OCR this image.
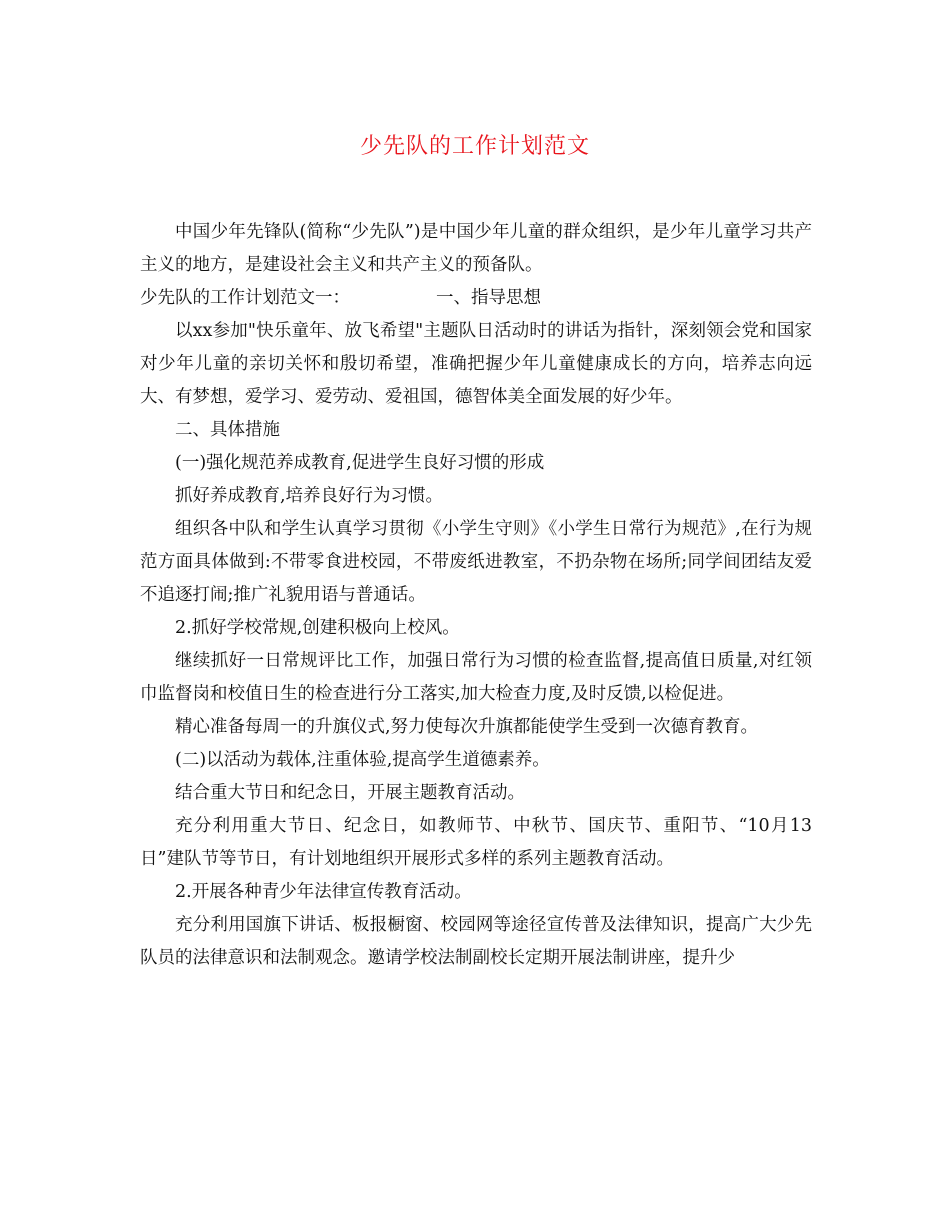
少先队的工作计划范文

中国少年先锋队(简称“少先队”)是中国少年儿童的群众组织，是少年儿童学习共产主义的地方，是建设社会主义和共产主义的预备队。

少先队的工作计划范文一：	一、指导思想

以xx参加"快乐童年、放飞希望"主题队日活动时的讲话为指针，深刻领会党和国家对少年儿童的亲切关怀和殷切希望，准确把握少年儿童健康成长的方向，培养志向远大、有梦想，爱学习、爱劳动、爱祖国，德智体美全面发展的好少年。

二、具体措施

(一)强化规范养成教育,促进学生良好习惯的形成

抓好养成教育,培养良好行为习惯。

组织各中队和学生认真学习贯彻《小学生守则》《小学生日常行为规范》,在行为规范方面具体做到:不带零食进校园，不带废纸进教室，不扔杂物在场所;同学间团结友爱不追逐打闹;推广礼貌用语与普通话。

2.抓好学校常规,创建积极向上校风。

继续抓好一日常规评比工作，加强日常行为习惯的检查监督,提高值日质量,对红领巾监督岗和校值日生的检查进行分工落实,加大检查力度,及时反馈,以检促进。

精心准备每周一的升旗仪式,努力使每次升旗都能使学生受到一次德育教育。

(二)以活动为载体,注重体验,提高学生道德素养。

结合重大节日和纪念日，开展主题教育活动。

充分利用重大节日、纪念日，如教师节、中秋节、国庆节、重阳节、“10月13日”建队节等节日，有计划地组织开展形式多样的系列主题教育活动。

2.开展各种青少年法律宣传教育活动。

充分利用国旗下讲话、板报橱窗、校园网等途径宣传普及法律知识，提高广大少先队员的法律意识和法制观念。邀请学校法制副校长定期开展法制讲座，提升少
